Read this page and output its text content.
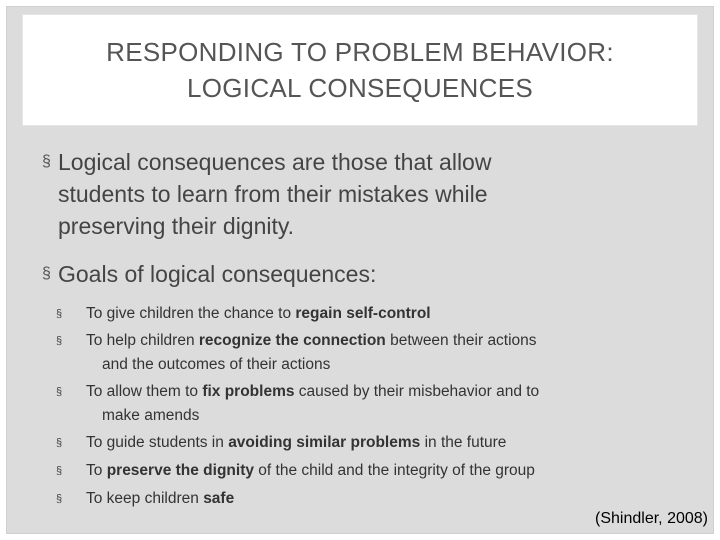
RESPONDING TO PROBLEM BEHAVIOR:
LOGICAL CONSEQUENCES
§ Logical consequences are those that allow
students to learn from their mistakes while
preserving their dignity.
§ Goals of logical consequences:
§	To give children the chance to regain self-control
§	To help children recognize the connection between their actions
and the outcomes of their actions
§	To allow them to fix problems caused by their misbehavior and to
make amends
§	To guide students in avoiding similar problems in the future
§	To preserve the dignity of the child and the integrity of the group
§	To keep children safe
(Shindler, 2008)
